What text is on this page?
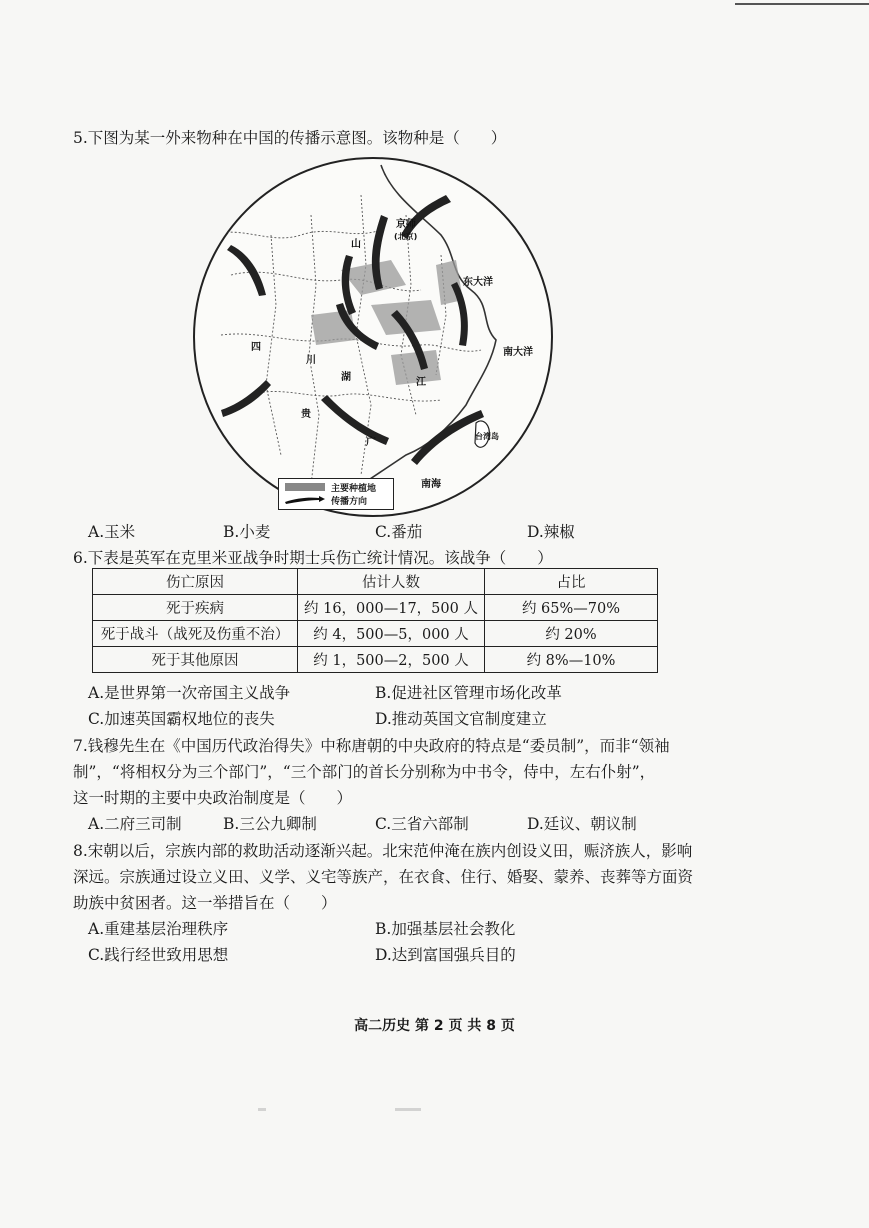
5.下图为某一外来物种在中国的传播示意图。该物种是（　　）
京师
(北京)
东大洋
南大洋
南海
台湾岛
山
四
川
湖	江
贵
广
主要种植地
传播方向
A.玉米	B.小麦	C.番茄	D.辣椒
6.下表是英军在克里米亚战争时期士兵伤亡统计情况。该战争（　　）
伤亡原因	估计人数	占比
死于疾病	约 16，000—17，500 人	约 65%—70%
死于战斗（战死及伤重不治）	约 4，500—5，000 人	约 20%
死于其他原因	约 1，500—2，500 人	约 8%—10%
A.是世界第一次帝国主义战争	B.促进社区管理市场化改革
C.加速英国霸权地位的丧失	D.推动英国文官制度建立
7.钱穆先生在《中国历代政治得失》中称唐朝的中央政府的特点是“委员制”，而非“领袖
制”，“将相权分为三个部门”，“三个部门的首长分别称为中书令，侍中，左右仆射”，
这一时期的主要中央政治制度是（　　）
A.二府三司制	B.三公九卿制	C.三省六部制	D.廷议、朝议制
8.宋朝以后，宗族内部的救助活动逐渐兴起。北宋范仲淹在族内创设义田，赈济族人，影响
深远。宗族通过设立义田、义学、义宅等族产，在衣食、住行、婚娶、蒙养、丧葬等方面资
助族中贫困者。这一举措旨在（　　）
A.重建基层治理秩序	B.加强基层社会教化
C.践行经世致用思想	D.达到富国强兵目的
高二历史 第 2 页 共 8 页
